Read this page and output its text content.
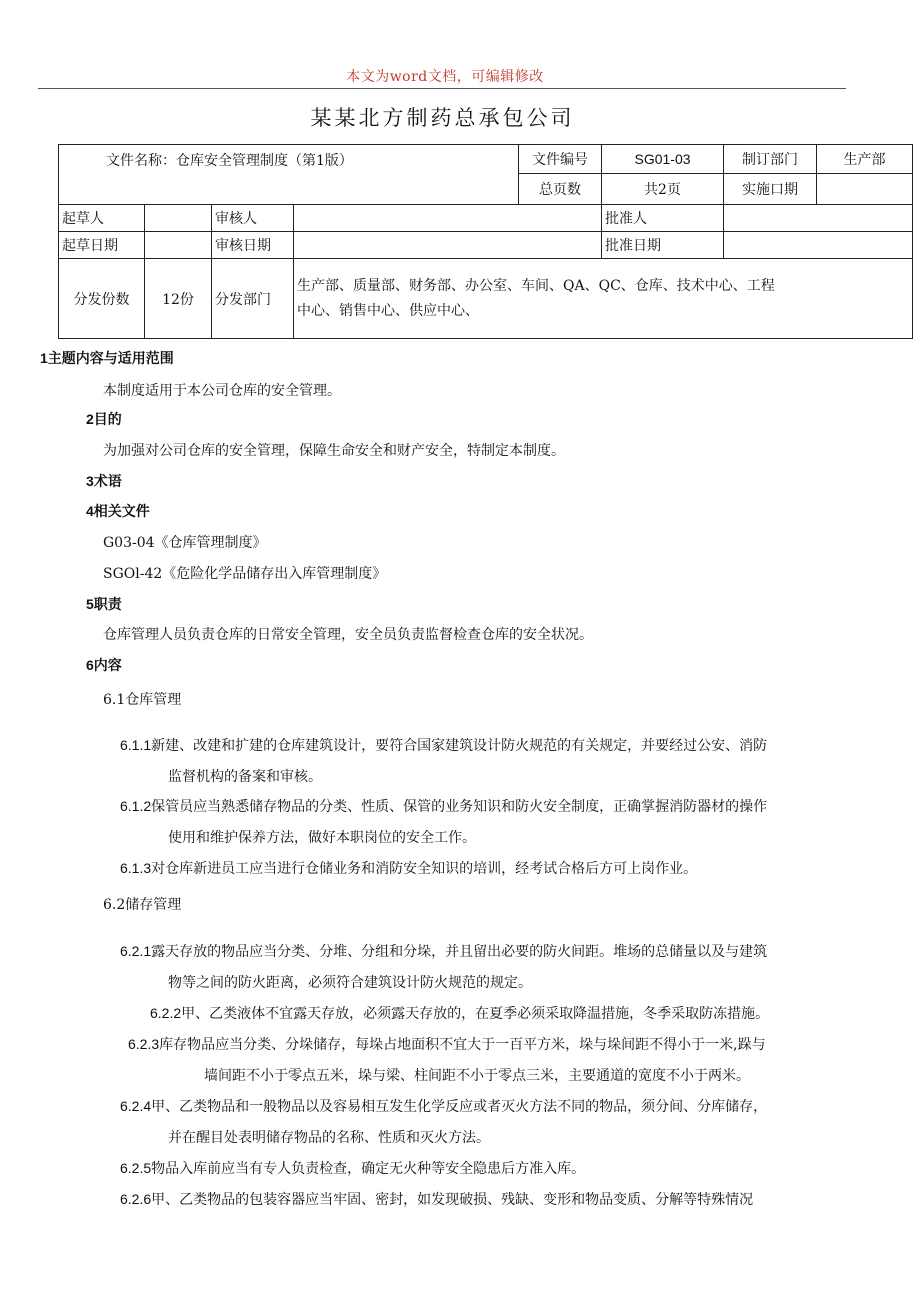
本文为word文档，可编辑修改
某某北方制药总承包公司
文件名称：仓库安全管理制度（第1版）				文件编号	SG01-03	制订部门	生产部
				总页数	共2页	实施口期	
起草人		审核人			批准人		
起草日期		审核日期			批准日期		
分发份数	12份	分发部门	生产部、质量部、财务部、办公室、车间、QA、QC、仓库、技术中心、工程
中心、销售中心、供应中心、				
1主题内容与适用范围
本制度适用于本公司仓库的安全管理。
2目的
为加强对公司仓库的安全管理，保障生命安全和财产安全，特制定本制度。
3术语
4相关文件
G03-04《仓库管理制度》
SGOl-42《危险化学品储存出入库管理制度》
5职责
仓库管理人员负责仓库的日常安全管理，安全员负责监督检查仓库的安全状况。
6内容
6.1仓库管理
6.1.1新建、改建和扩建的仓库建筑设计，要符合国家建筑设计防火规范的有关规定，并要经过公安、消防
监督机构的备案和审核。
6.1.2保管员应当熟悉储存物品的分类、性质、保管的业务知识和防火安全制度，正确掌握消防器材的操作
使用和维护保养方法，做好本职岗位的安全工作。
6.1.3对仓库新进员工应当进行仓储业务和消防安全知识的培训，经考试合格后方可上岗作业。
6.2储存管理
6.2.1露天存放的物品应当分类、分堆、分组和分垛，并且留出必要的防火间距。堆场的总储量以及与建筑
物等之间的防火距离，必须符合建筑设计防火规范的规定。
6.2.2甲、乙类液体不宜露天存放，必须露天存放的，在夏季必须采取降温措施，冬季采取防冻措施。
6.2.3库存物品应当分类、分垛储存，每垛占地面积不宜大于一百平方米，垛与垛间距不得小于一米,跺与
墙间距不小于零点五米，垛与梁、柱间距不小于零点三米，主要通道的宽度不小于两米。
6.2.4甲、乙类物品和一般物品以及容易相互发生化学反应或者灭火方法不同的物品，须分间、分库储存，
并在醒目处表明储存物品的名称、性质和灭火方法。
6.2.5物品入库前应当有专人负责检查，确定无火种等安全隐患后方准入库。
6.2.6甲、乙类物品的包装容器应当牢固、密封，如发现破损、残缺、变形和物品变质、分解等特殊情况
